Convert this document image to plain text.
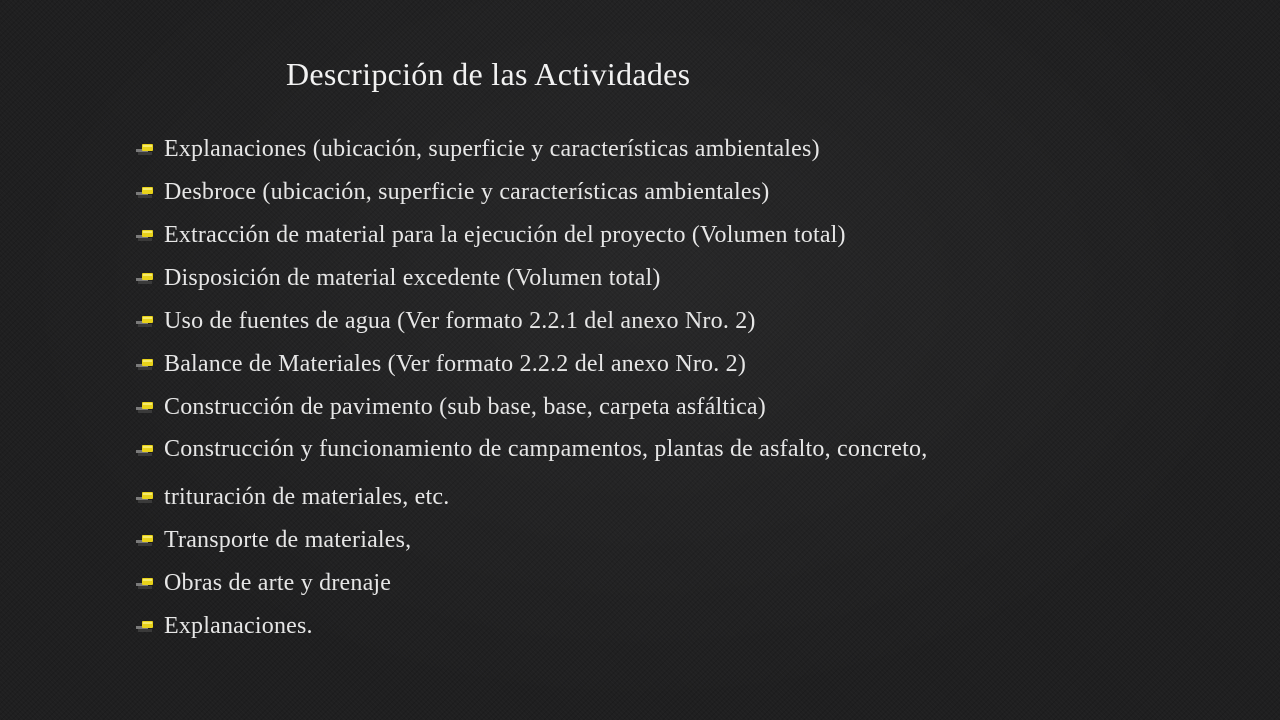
Descripción de las Actividades
Explanaciones (ubicación, superficie y características ambientales)
Desbroce (ubicación, superficie y características ambientales)
Extracción de material para la ejecución del proyecto (Volumen total)
Disposición de material excedente (Volumen total)
Uso de fuentes de agua (Ver formato 2.2.1 del anexo Nro. 2)
Balance de Materiales (Ver formato 2.2.2 del anexo Nro. 2)
Construcción de pavimento (sub base, base, carpeta asfáltica)
Construcción y funcionamiento de campamentos, plantas de asfalto, concreto,
trituración de materiales, etc.
Transporte de materiales,
Obras de arte y drenaje
Explanaciones.
